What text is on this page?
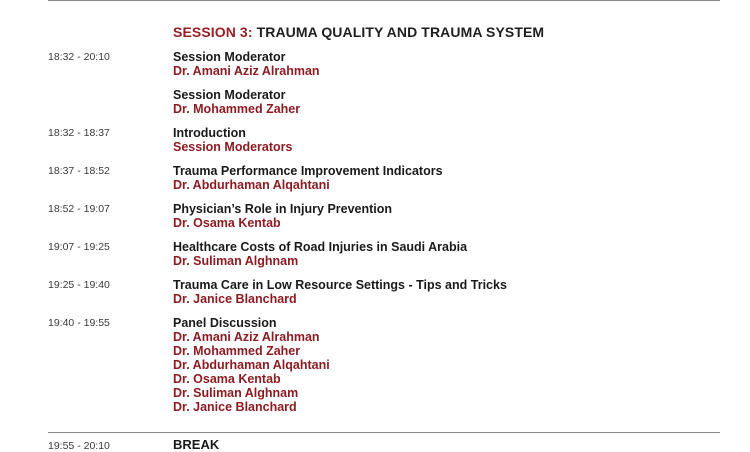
SESSION 3: TRAUMA QUALITY AND TRAUMA SYSTEM
18:32 - 20:10	Session Moderator
Dr. Amani Aziz Alrahman
Session Moderator
Dr. Mohammed Zaher
18:32 - 18:37	Introduction
Session Moderators
18:37 - 18:52	Trauma Performance Improvement Indicators
Dr. Abdurhaman Alqahtani
18:52 - 19:07	Physician’s Role in Injury Prevention
Dr. Osama Kentab
19:07 - 19:25	Healthcare Costs of Road Injuries in Saudi Arabia
Dr. Suliman Alghnam
19:25 - 19:40	Trauma Care in Low Resource Settings - Tips and Tricks
Dr. Janice Blanchard
19:40 - 19:55	Panel Discussion
Dr. Amani Aziz Alrahman
Dr. Mohammed Zaher
Dr. Abdurhaman Alqahtani
Dr. Osama Kentab
Dr. Suliman Alghnam
Dr. Janice Blanchard
19:55 - 20:10	BREAK
